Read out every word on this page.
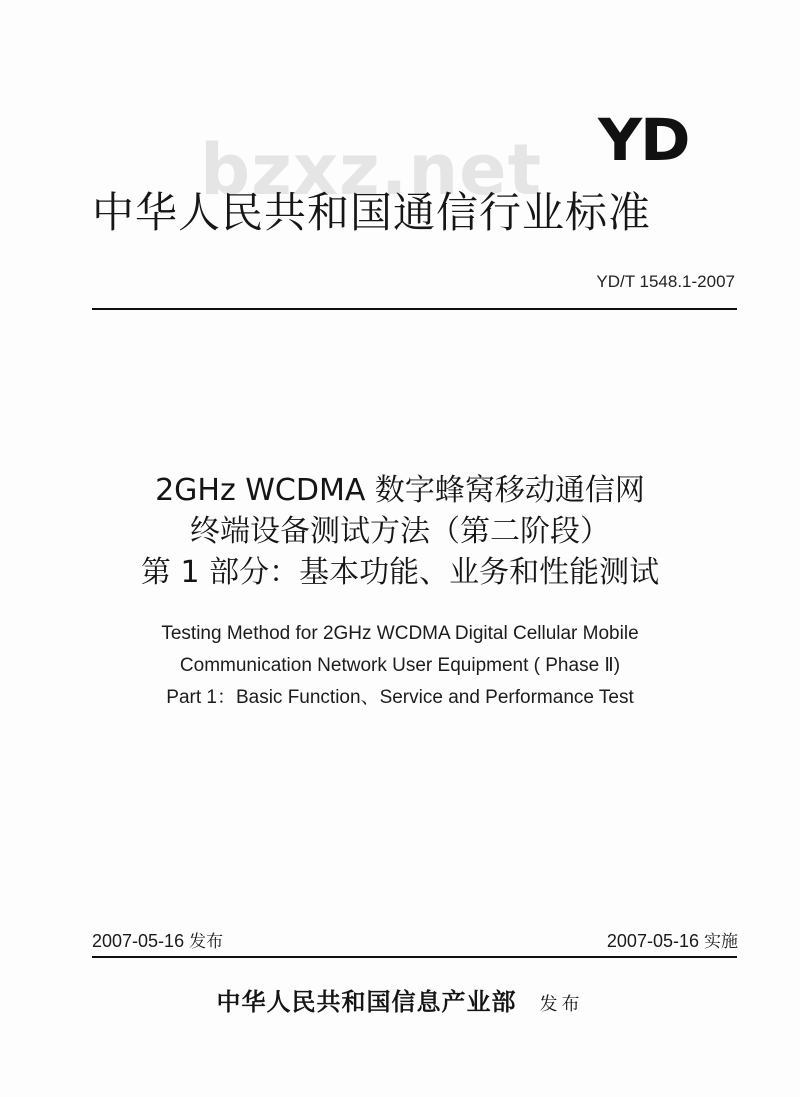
bzxz.net YD
中华人民共和国通信行业标准
YD/T 1548.1-2007
2GHz WCDMA 数字蜂窝移动通信网
终端设备测试方法（第二阶段）
第 1 部分：基本功能、业务和性能测试
Testing Method for 2GHz WCDMA Digital Cellular Mobile
Communication Network User Equipment ( Phase Ⅱ)
Part 1：Basic Function、Service and Performance Test
2007-05-16 发布	2007-05-16 实施
中华人民共和国信息产业部 发布
